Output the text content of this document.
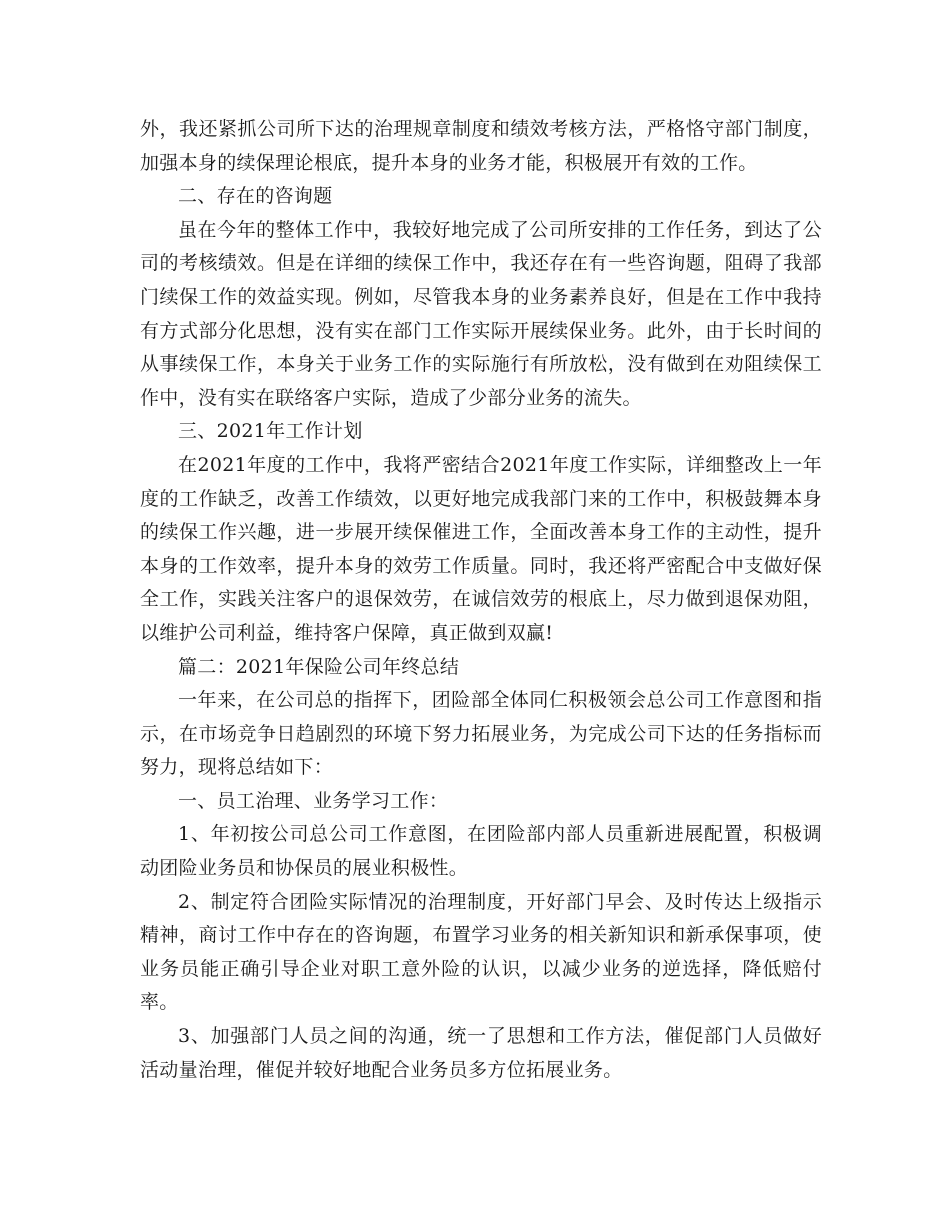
外，我还紧抓公司所下达的治理规章制度和绩效考核方法，严格恪守部门制度，加强本身的续保理论根底，提升本身的业务才能，积极展开有效的工作。

二、存在的咨询题

虽在今年的整体工作中，我较好地完成了公司所安排的工作任务，到达了公司的考核绩效。但是在详细的续保工作中，我还存在有一些咨询题，阻碍了我部门续保工作的效益实现。例如，尽管我本身的业务素养良好，但是在工作中我持有方式部分化思想，没有实在部门工作实际开展续保业务。此外，由于长时间的从事续保工作，本身关于业务工作的实际施行有所放松，没有做到在劝阻续保工作中，没有实在联络客户实际，造成了少部分业务的流失。

三、2021年工作计划

在2021年度的工作中，我将严密结合2021年度工作实际，详细整改上一年度的工作缺乏，改善工作绩效，以更好地完成我部门来的工作中，积极鼓舞本身的续保工作兴趣，进一步展开续保催进工作，全面改善本身工作的主动性，提升本身的工作效率，提升本身的效劳工作质量。同时，我还将严密配合中支做好保全工作，实践关注客户的退保效劳，在诚信效劳的根底上，尽力做到退保劝阻，以维护公司利益，维持客户保障，真正做到双赢!

篇二：2021年保险公司年终总结

一年来，在公司总的指挥下，团险部全体同仁积极领会总公司工作意图和指示，在市场竞争日趋剧烈的环境下努力拓展业务，为完成公司下达的任务指标而努力，现将总结如下：

一、员工治理、业务学习工作：

1、年初按公司总公司工作意图，在团险部内部人员重新进展配置，积极调动团险业务员和协保员的展业积极性。

2、制定符合团险实际情况的治理制度，开好部门早会、及时传达上级指示精神，商讨工作中存在的咨询题，布置学习业务的相关新知识和新承保事项，使业务员能正确引导企业对职工意外险的认识，以减少业务的逆选择，降低赔付率。

3、加强部门人员之间的沟通，统一了思想和工作方法，催促部门人员做好活动量治理，催促并较好地配合业务员多方位拓展业务。
